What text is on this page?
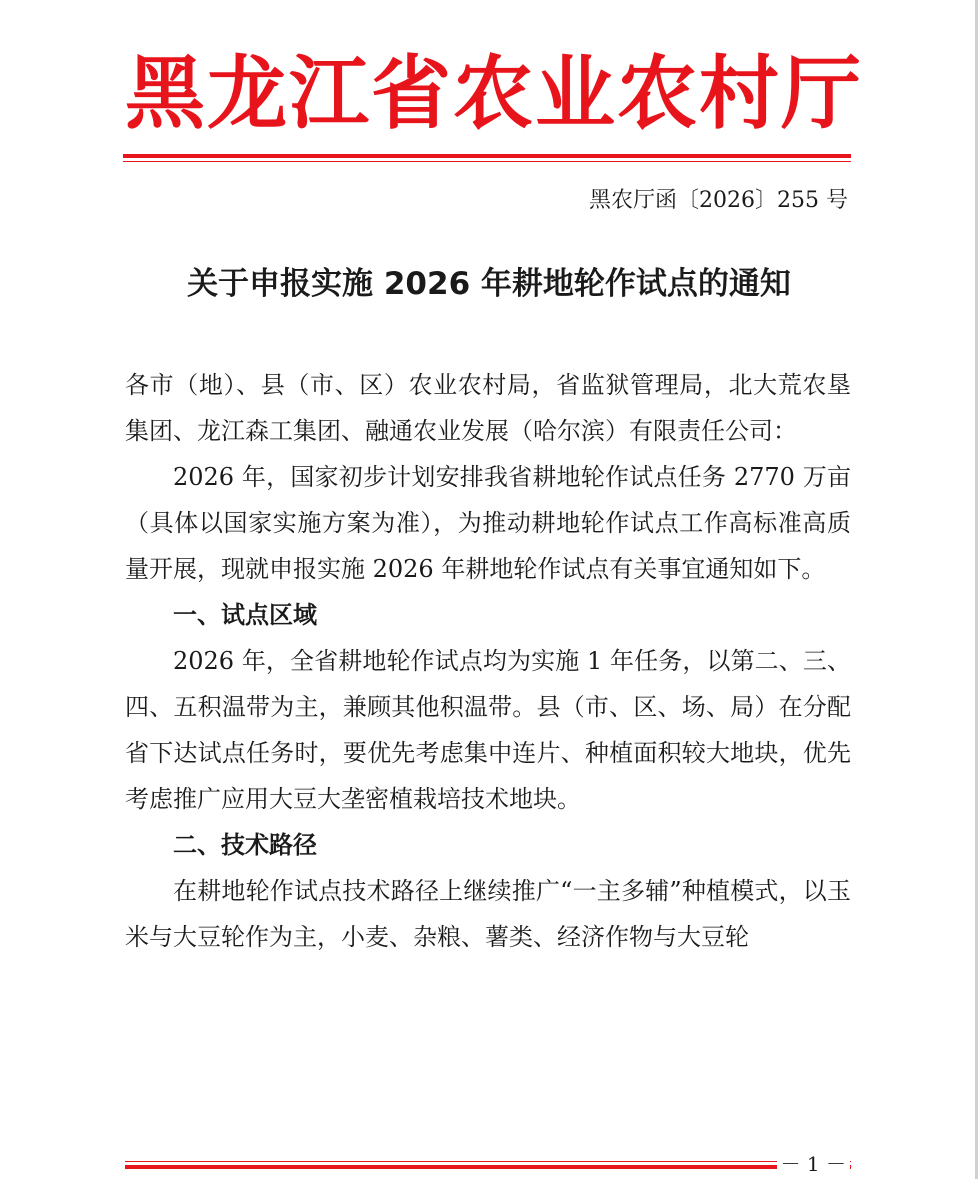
黑龙江省农业农村厅
黑农厅函〔2026〕255 号
关于申报实施 2026 年耕地轮作试点的通知

各市（地）、县（市、区）农业农村局，省监狱管理局，北大荒农垦集团、龙江森工集团、融通农业发展（哈尔滨）有限责任公司：

2026 年，国家初步计划安排我省耕地轮作试点任务 2770 万亩（具体以国家实施方案为准），为推动耕地轮作试点工作高标准高质量开展，现就申报实施 2026 年耕地轮作试点有关事宜通知如下。

一、试点区域

2026 年，全省耕地轮作试点均为实施 1 年任务，以第二、三、四、五积温带为主，兼顾其他积温带。县（市、区、场、局）在分配省下达试点任务时，要优先考虑集中连片、种植面积较大地块，优先考虑推广应用大豆大垄密植栽培技术地块。

二、技术路径

在耕地轮作试点技术路径上继续推广“一主多辅”种植模式，以玉米与大豆轮作为主，小麦、杂粮、薯类、经济作物与大豆轮

－ 1 －
